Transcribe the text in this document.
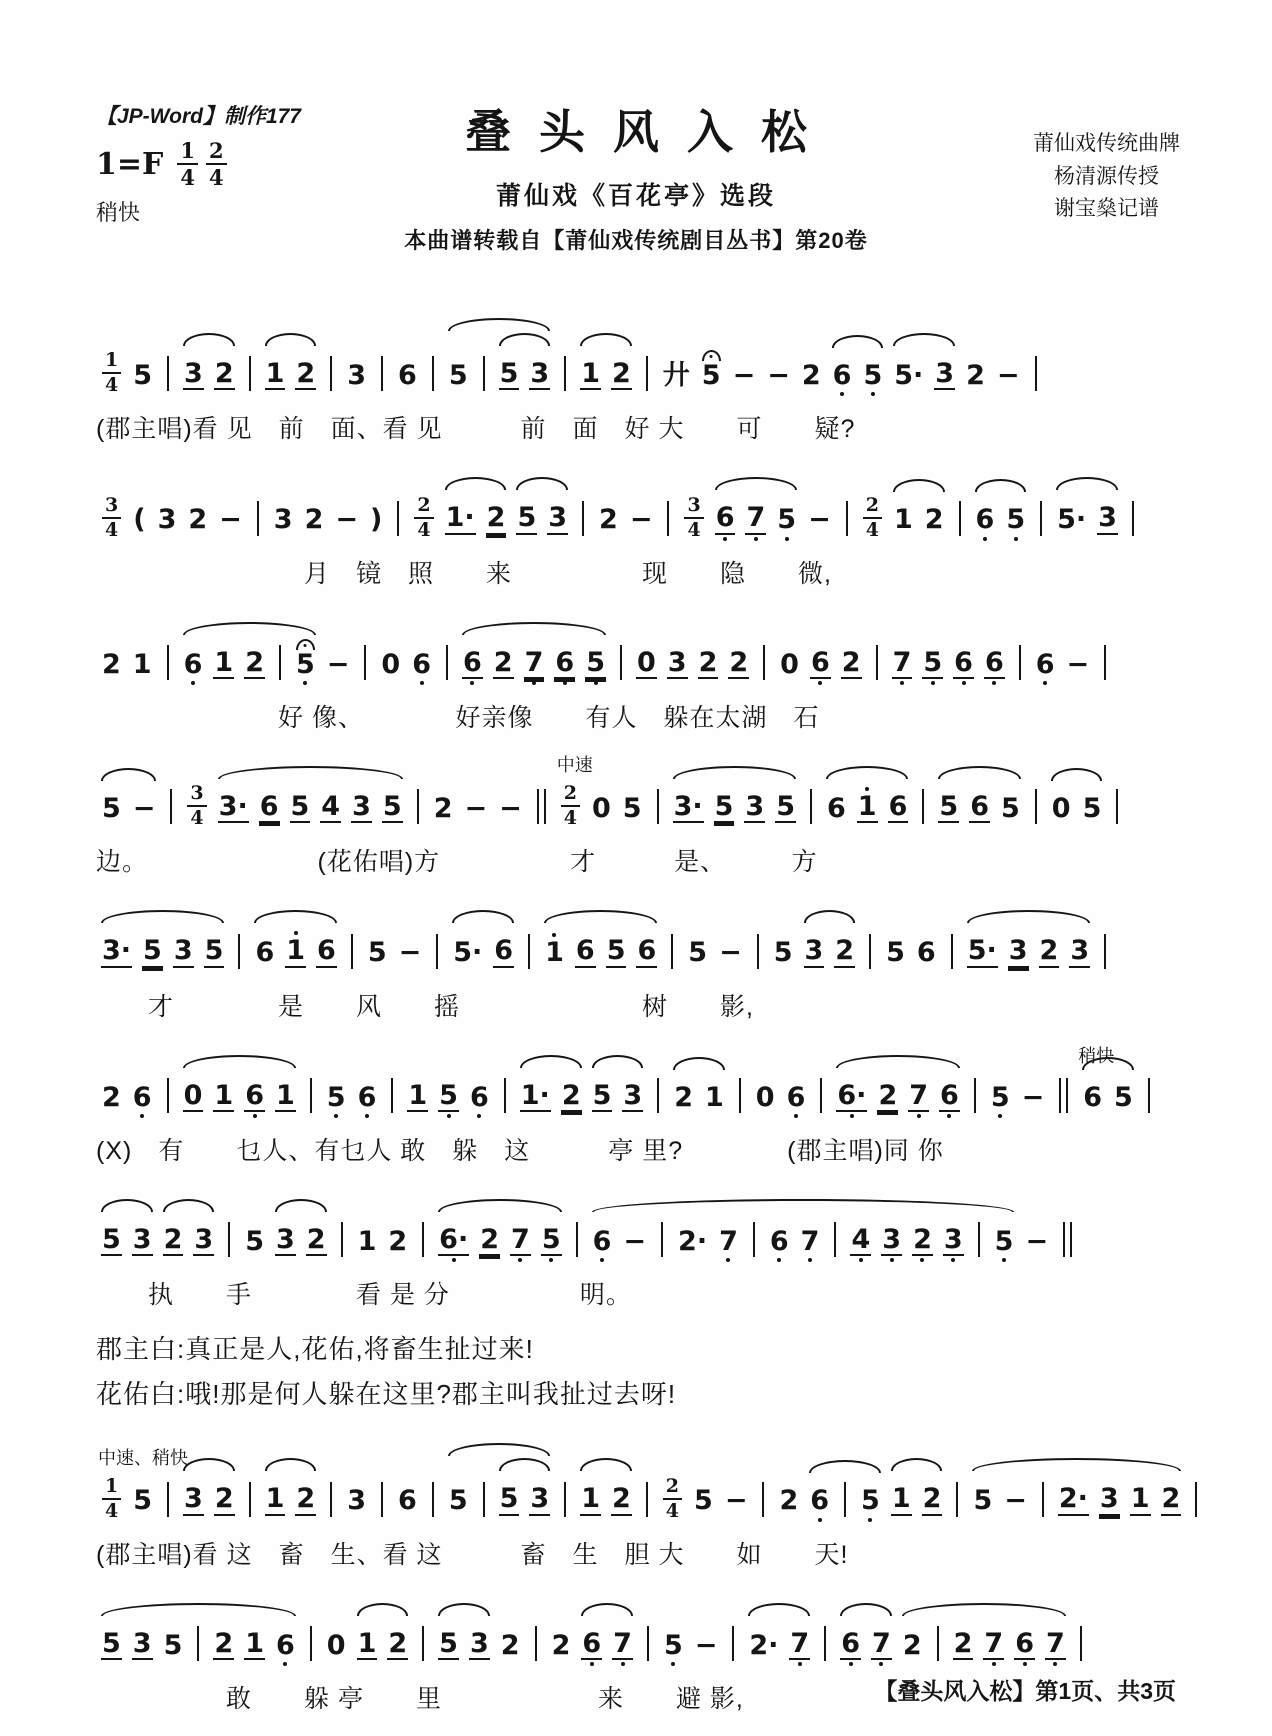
【JP-Word】制作177
$1=F \frac{1}{4} \frac{2}{4}$
稍快
叠头风入松
莆仙戏《百花亭》选段
本曲谱转载自【莆仙戏传统剧目丛书】第20卷
莆仙戏传统曲牌
杨清源传授
谢宝燊记谱
$\frac{1}{4} 5$ 3 2 1 2 3 6 5 5 3 1 2 廾 5 − − 2 6 5 5· 3 2 −
(郡主唱)看 见　前　面、看 见　　　前　面　好 大　　可　　疑?
$\frac{3}{4}$ ( 3 2 − 3 2 − ) $\frac{2}{4} 1\cdot 2$ 5 3 $2 - \frac{3}{4} 6$ 7 $5 - \frac{2}{4} 1$ 2 6 5 5· 3
　　　　　　　　月　镜　照　　来　　　　　现　　隐　　微,
2 1 6 1 2 5 − 0 6 6 2 7 6 5 0 3 2 2 0 6 2 7 5 6 6 6 −
　　　　　　　好 像、　　　　好亲像　　有人　躲在太湖　石
$5 - \frac{3}{4} 3\cdot 6$ 5 4 3 5 2 − −
中速
2
4 0 5 3· 5 3 5 6 1 6 5 6 5 0 5
边。　　　　　　　(花佑唱)方　　　　　才　　　是、　　　方
3· 5 3 5 6 1 6 5 − 5· 6 1 6 5 6 5 − 5 3 2 5 6 5· 3 2 3
　　才　　　　是　　风　　摇　　　　　　　树　　影,
2 6 0 1 6 1 5 6 1 5 6 1· 2 5 3 2 1 0 6 6· 2 7 6 5 −
稍快
6 5
(X)　有　　乜人、有乜人 敢　躲　这　　　亭 里?　　　　(郡主唱)同 你
5 3 2 3 5 3 2 1 2 6· 2 7 5 6 − 2· 7 6 7 4 3 2 3 5 −
　　执　　手　　　　看 是 分　　　　　明。
郡主白:真正是人,花佑,将畜生扯过来!
花佑白:哦!那是何人躲在这里?郡主叫我扯过去呀!
中速、稍快
1
4 5 3 2 1 2 3 6 5 5 3 1 $2 \frac{2}{4} 5 - 2$ 6 5 1 2 5 − 2· 3 1 2
(郡主唱)看 这　畜　生、看 这　　　畜　生　胆 大　　如　　天!
5 3 5 2 1 6 0 1 2 5 3 2 2 6 7 5 − 2· 7 6 7 2 2 7 6 7
　　　　　敢　　躲 亭　　里　　　　　　来　　避 影,	【叠头风入松】第1页、共3页
